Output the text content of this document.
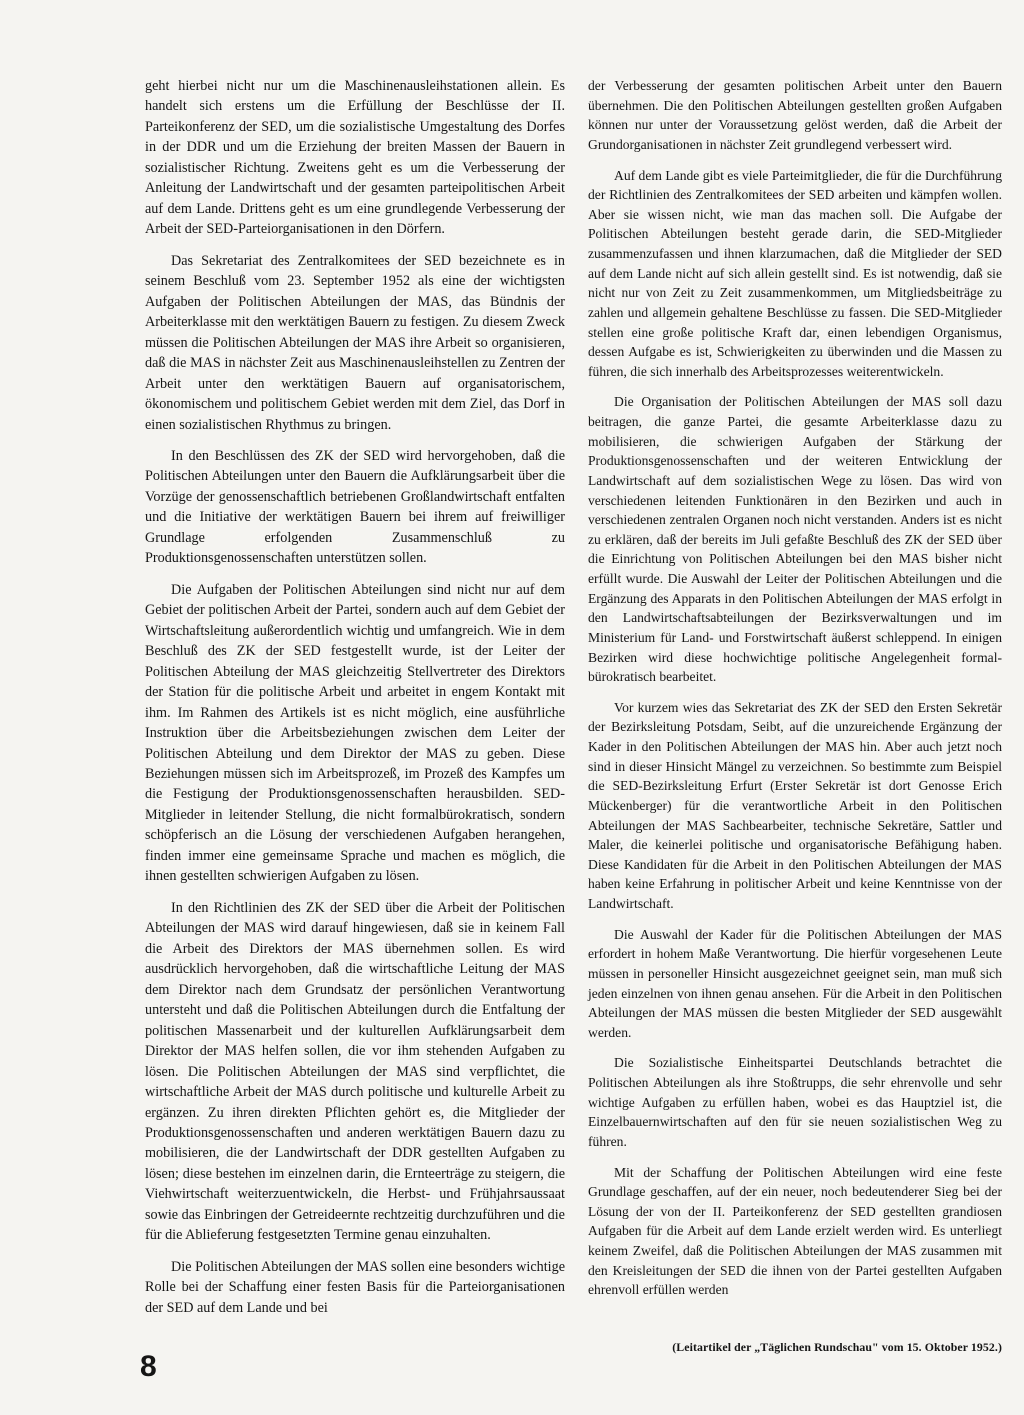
geht hierbei nicht nur um die Maschinenausleihstationen allein. Es handelt sich erstens um die Erfüllung der Beschlüsse der II. Parteikonferenz der SED, um die sozialistische Umgestaltung des Dorfes in der DDR und um die Erziehung der breiten Massen der Bauern in sozialistischer Richtung. Zweitens geht es um die Verbesserung der Anleitung der Landwirtschaft und der gesamten parteipolitischen Arbeit auf dem Lande. Drittens geht es um eine grundlegende Verbesserung der Arbeit der SED-Parteiorganisationen in den Dörfern.

Das Sekretariat des Zentralkomitees der SED bezeichnete es in seinem Beschluß vom 23. September 1952 als eine der wichtigsten Aufgaben der Politischen Abteilungen der MAS, das Bündnis der Arbeiterklasse mit den werktätigen Bauern zu festigen. Zu diesem Zweck müssen die Politischen Abteilungen der MAS ihre Arbeit so organisieren, daß die MAS in nächster Zeit aus Maschinenausleihstellen zu Zentren der Arbeit unter den werktätigen Bauern auf organisatorischem, ökonomischem und politischem Gebiet werden mit dem Ziel, das Dorf in einen sozialistischen Rhythmus zu bringen.

In den Beschlüssen des ZK der SED wird hervorgehoben, daß die Politischen Abteilungen unter den Bauern die Aufklärungsarbeit über die Vorzüge der genossenschaftlich betriebenen Großlandwirtschaft entfalten und die Initiative der werktätigen Bauern bei ihrem auf freiwilliger Grundlage erfolgenden Zusammenschluß zu Produktionsgenossenschaften unterstützen sollen.

Die Aufgaben der Politischen Abteilungen sind nicht nur auf dem Gebiet der politischen Arbeit der Partei, sondern auch auf dem Gebiet der Wirtschaftsleitung außerordentlich wichtig und umfangreich. Wie in dem Beschluß des ZK der SED festgestellt wurde, ist der Leiter der Politischen Abteilung der MAS gleichzeitig Stellvertreter des Direktors der Station für die politische Arbeit und arbeitet in engem Kontakt mit ihm. Im Rahmen des Artikels ist es nicht möglich, eine ausführliche Instruktion über die Arbeitsbeziehungen zwischen dem Leiter der Politischen Abteilung und dem Direktor der MAS zu geben. Diese Beziehungen müssen sich im Arbeitsprozeß, im Prozeß des Kampfes um die Festigung der Produktionsgenossenschaften herausbilden. SED-Mitglieder in leitender Stellung, die nicht formalbürokratisch, sondern schöpferisch an die Lösung der verschiedenen Aufgaben herangehen, finden immer eine gemeinsame Sprache und machen es möglich, die ihnen gestellten schwierigen Aufgaben zu lösen.

In den Richtlinien des ZK der SED über die Arbeit der Politischen Abteilungen der MAS wird darauf hingewiesen, daß sie in keinem Fall die Arbeit des Direktors der MAS übernehmen sollen. Es wird ausdrücklich hervorgehoben, daß die wirtschaftliche Leitung der MAS dem Direktor nach dem Grundsatz der persönlichen Verantwortung untersteht und daß die Politischen Abteilungen durch die Entfaltung der politischen Massenarbeit und der kulturellen Aufklärungsarbeit dem Direktor der MAS helfen sollen, die vor ihm stehenden Aufgaben zu lösen. Die Politischen Abteilungen der MAS sind verpflichtet, die wirtschaftliche Arbeit der MAS durch politische und kulturelle Arbeit zu ergänzen. Zu ihren direkten Pflichten gehört es, die Mitglieder der Produktionsgenossenschaften und anderen werktätigen Bauern dazu zu mobilisieren, die der Landwirtschaft der DDR gestellten Aufgaben zu lösen; diese bestehen im einzelnen darin, die Ernteerträge zu steigern, die Viehwirtschaft weiterzuentwickeln, die Herbst- und Frühjahrsaussaat sowie das Einbringen der Getreideernte rechtzeitig durchzuführen und die für die Ablieferung festgesetzten Termine genau einzuhalten.

Die Politischen Abteilungen der MAS sollen eine besonders wichtige Rolle bei der Schaffung einer festen Basis für die Parteiorganisationen der SED auf dem Lande und bei

der Verbesserung der gesamten politischen Arbeit unter den Bauern übernehmen. Die den Politischen Abteilungen gestellten großen Aufgaben können nur unter der Voraussetzung gelöst werden, daß die Arbeit der Grundorganisationen in nächster Zeit grundlegend verbessert wird.

Auf dem Lande gibt es viele Parteimitglieder, die für die Durchführung der Richtlinien des Zentralkomitees der SED arbeiten und kämpfen wollen. Aber sie wissen nicht, wie man das machen soll. Die Aufgabe der Politischen Abteilungen besteht gerade darin, die SED-Mitglieder zusammenzufassen und ihnen klarzumachen, daß die Mitglieder der SED auf dem Lande nicht auf sich allein gestellt sind. Es ist notwendig, daß sie nicht nur von Zeit zu Zeit zusammenkommen, um Mitgliedsbeiträge zu zahlen und allgemein gehaltene Beschlüsse zu fassen. Die SED-Mitglieder stellen eine große politische Kraft dar, einen lebendigen Organismus, dessen Aufgabe es ist, Schwierigkeiten zu überwinden und die Massen zu führen, die sich innerhalb des Arbeitsprozesses weiterentwickeln.

Die Organisation der Politischen Abteilungen der MAS soll dazu beitragen, die ganze Partei, die gesamte Arbeiterklasse dazu zu mobilisieren, die schwierigen Aufgaben der Stärkung der Produktionsgenossenschaften und der weiteren Entwicklung der Landwirtschaft auf dem sozialistischen Wege zu lösen. Das wird von verschiedenen leitenden Funktionären in den Bezirken und auch in verschiedenen zentralen Organen noch nicht verstanden. Anders ist es nicht zu erklären, daß der bereits im Juli gefaßte Beschluß des ZK der SED über die Einrichtung von Politischen Abteilungen bei den MAS bisher nicht erfüllt wurde. Die Auswahl der Leiter der Politischen Abteilungen und die Ergänzung des Apparats in den Politischen Abteilungen der MAS erfolgt in den Landwirtschaftsabteilungen der Bezirksverwaltungen und im Ministerium für Land- und Forstwirtschaft äußerst schleppend. In einigen Bezirken wird diese hochwichtige politische Angelegenheit formal-bürokratisch bearbeitet.

Vor kurzem wies das Sekretariat des ZK der SED den Ersten Sekretär der Bezirksleitung Potsdam, Seibt, auf die unzureichende Ergänzung der Kader in den Politischen Abteilungen der MAS hin. Aber auch jetzt noch sind in dieser Hinsicht Mängel zu verzeichnen. So bestimmte zum Beispiel die SED-Bezirksleitung Erfurt (Erster Sekretär ist dort Genosse Erich Mückenberger) für die verantwortliche Arbeit in den Politischen Abteilungen der MAS Sachbearbeiter, technische Sekretäre, Sattler und Maler, die keinerlei politische und organisatorische Befähigung haben. Diese Kandidaten für die Arbeit in den Politischen Abteilungen der MAS haben keine Erfahrung in politischer Arbeit und keine Kenntnisse von der Landwirtschaft.

Die Auswahl der Kader für die Politischen Abteilungen der MAS erfordert in hohem Maße Verantwortung. Die hierfür vorgesehenen Leute müssen in personeller Hinsicht ausgezeichnet geeignet sein, man muß sich jeden einzelnen von ihnen genau ansehen. Für die Arbeit in den Politischen Abteilungen der MAS müssen die besten Mitglieder der SED ausgewählt werden.

Die Sozialistische Einheitspartei Deutschlands betrachtet die Politischen Abteilungen als ihre Stoßtrupps, die sehr ehrenvolle und sehr wichtige Aufgaben zu erfüllen haben, wobei es das Hauptziel ist, die Einzelbauernwirtschaften auf den für sie neuen sozialistischen Weg zu führen.

Mit der Schaffung der Politischen Abteilungen wird eine feste Grundlage geschaffen, auf der ein neuer, noch bedeutenderer Sieg bei der Lösung der von der II. Parteikonferenz der SED gestellten grandiosen Aufgaben für die Arbeit auf dem Lande erzielt werden wird. Es unterliegt keinem Zweifel, daß die Politischen Abteilungen der MAS zusammen mit den Kreisleitungen der SED die ihnen von der Partei gestellten Aufgaben ehrenvoll erfüllen werden

(Leitartikel der „Täglichen Rundschau" vom 15. Oktober 1952.)
8
